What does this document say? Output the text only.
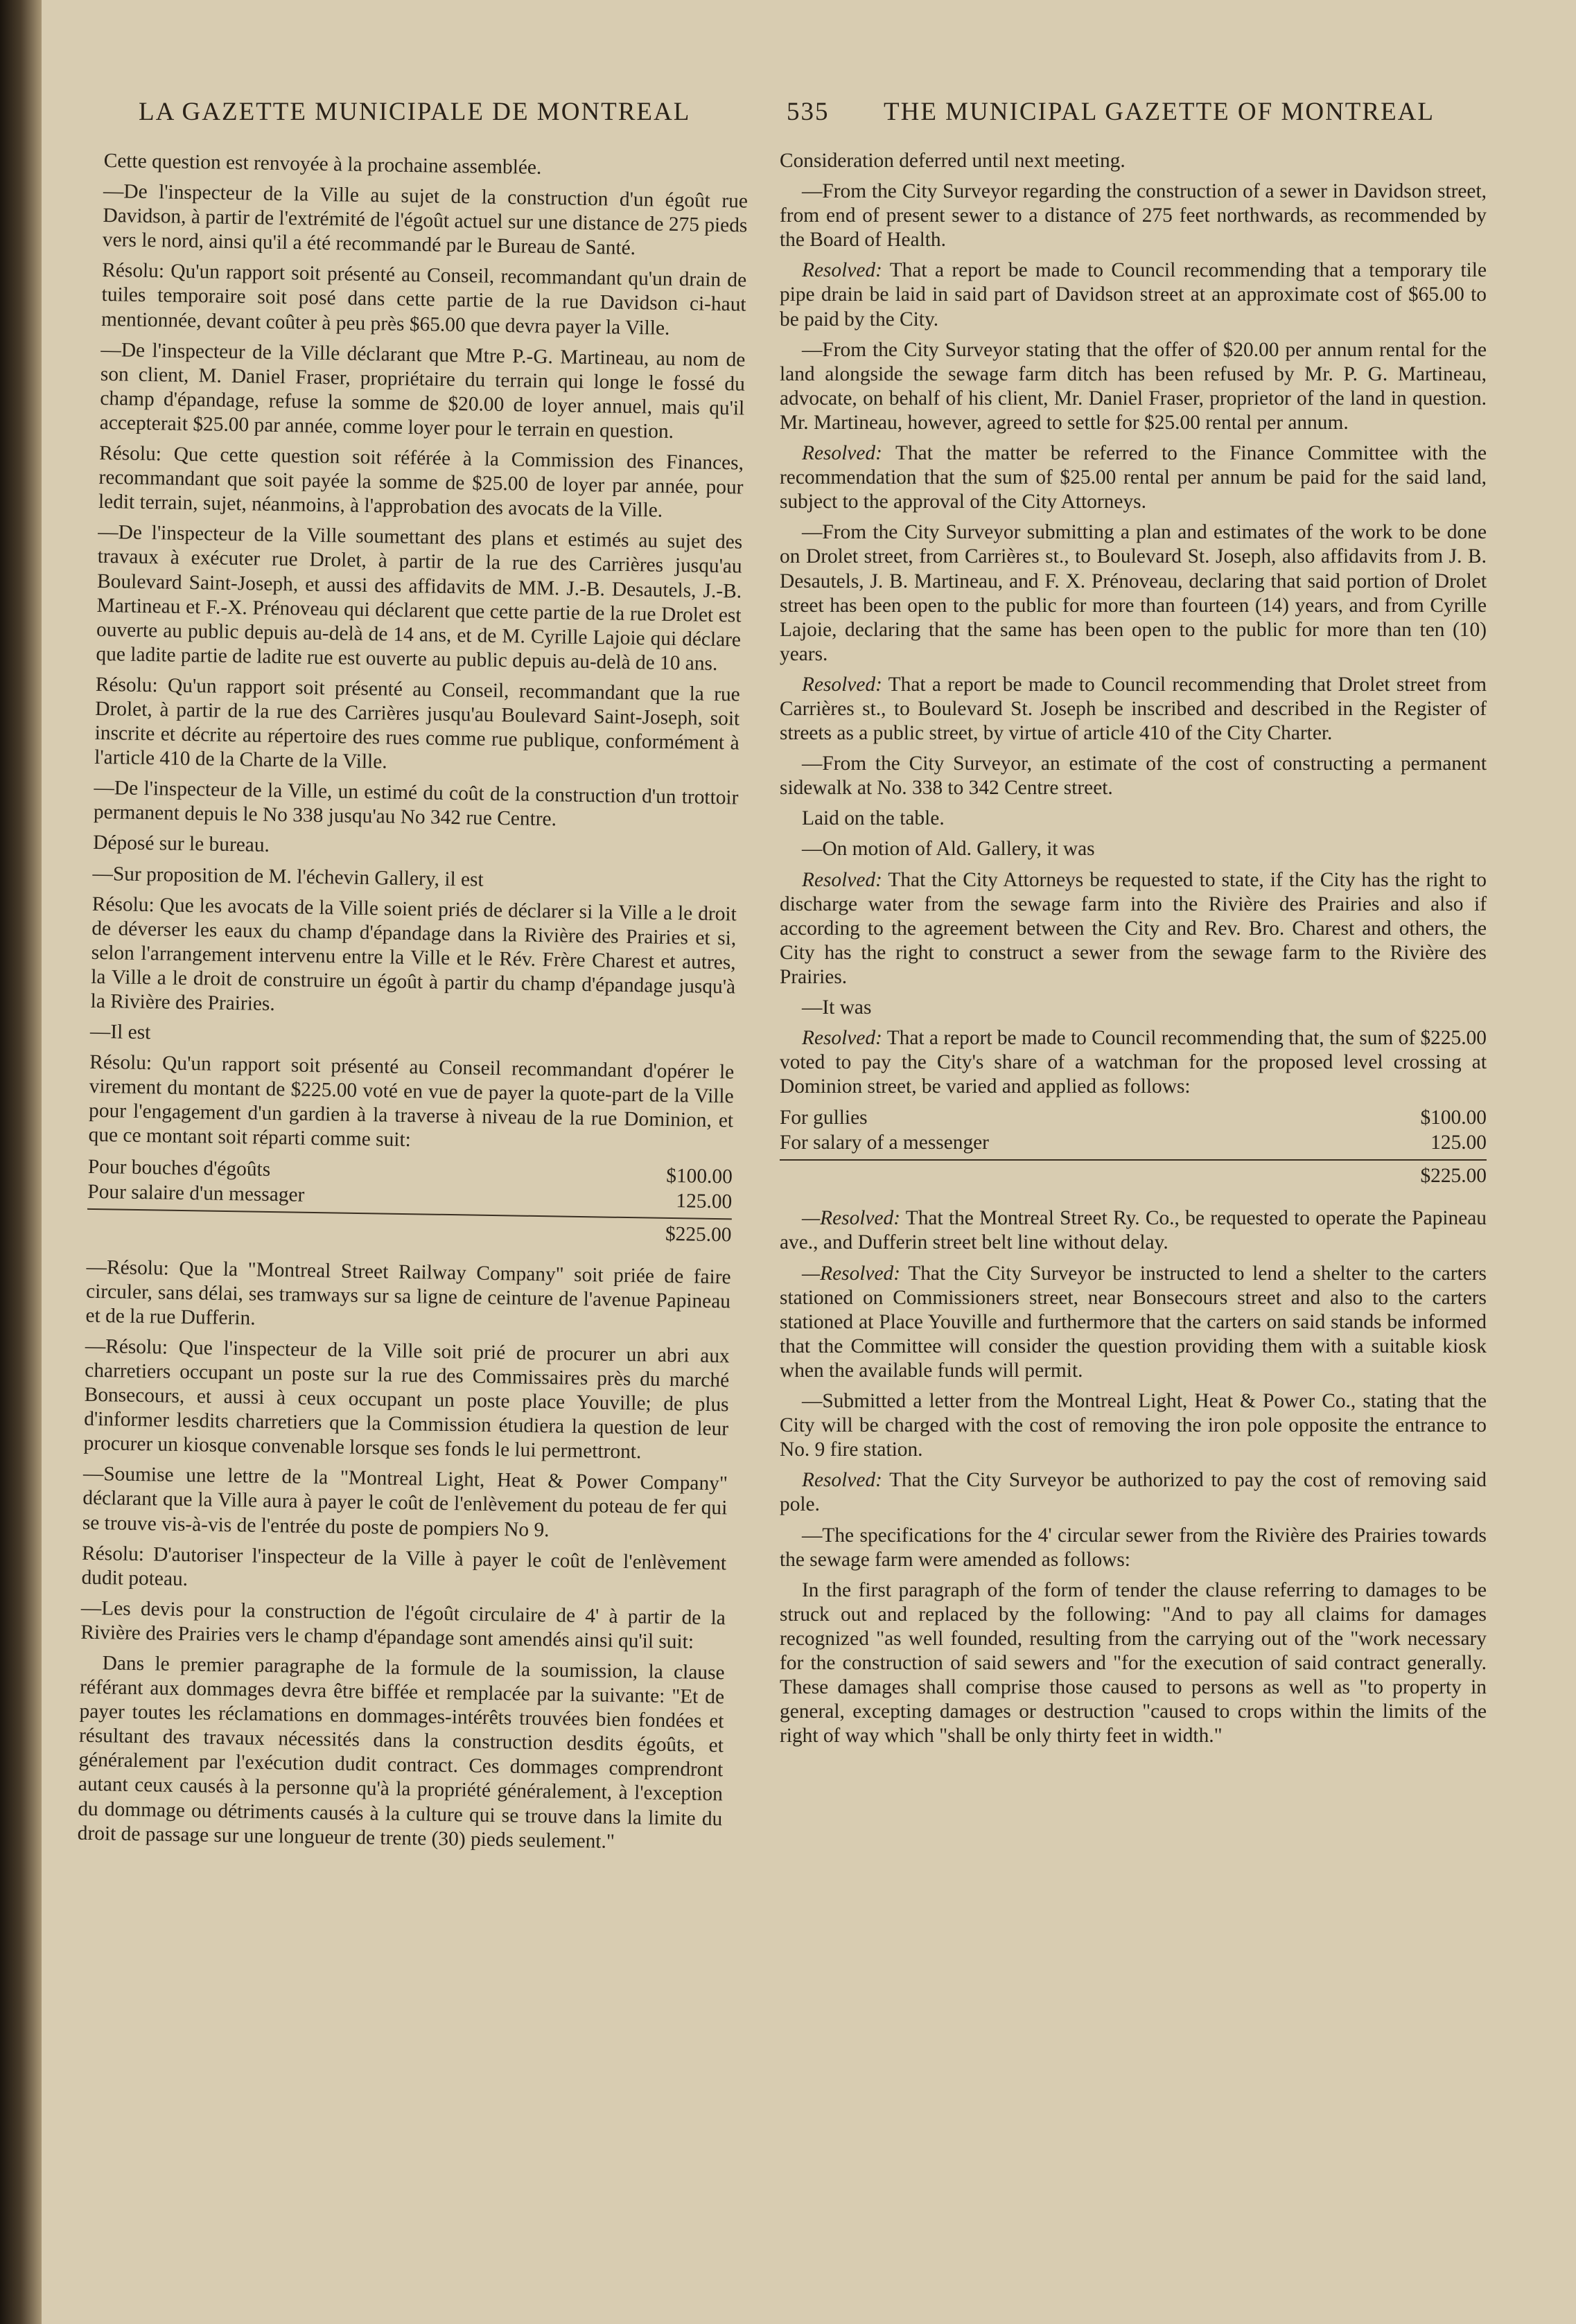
LA GAZETTE MUNICIPALE DE MONTREAL	535 THE MUNICIPAL GAZETTE OF MONTREAL

Cette question est renvoyée à la prochaine assemblée.

—De l'inspecteur de la Ville au sujet de la construction d'un égoût rue Davidson, à partir de l'extrémité de l'égoût actuel sur une distance de 275 pieds vers le nord, ainsi qu'il a été recommandé par le Bureau de Santé.

Résolu: Qu'un rapport soit présenté au Conseil, recommandant qu'un drain de tuiles temporaire soit posé dans cette partie de la rue Davidson ci-haut mentionnée, devant coûter à peu près $65.00 que devra payer la Ville.

—De l'inspecteur de la Ville déclarant que Mtre P.-G. Martineau, au nom de son client, M. Daniel Fraser, propriétaire du terrain qui longe le fossé du champ d'épandage, refuse la somme de $20.00 de loyer annuel, mais qu'il accepterait $25.00 par année, comme loyer pour le terrain en question.

Résolu: Que cette question soit référée à la Commission des Finances, recommandant que soit payée la somme de $25.00 de loyer par année, pour ledit terrain, sujet, néanmoins, à l'approbation des avocats de la Ville.

—De l'inspecteur de la Ville soumettant des plans et estimés au sujet des travaux à exécuter rue Drolet, à partir de la rue des Carrières jusqu'au Boulevard Saint-Joseph, et aussi des affidavits de MM. J.-B. Desautels, J.-B. Martineau et F.-X. Prénoveau qui déclarent que cette partie de la rue Drolet est ouverte au public depuis au-delà de 14 ans, et de M. Cyrille Lajoie qui déclare que ladite partie de ladite rue est ouverte au public depuis au-delà de 10 ans.

Résolu: Qu'un rapport soit présenté au Conseil, recommandant que la rue Drolet, à partir de la rue des Carrières jusqu'au Boulevard Saint-Joseph, soit inscrite et décrite au répertoire des rues comme rue publique, conformément à l'article 410 de la Charte de la Ville.

—De l'inspecteur de la Ville, un estimé du coût de la construction d'un trottoir permanent depuis le No 338 jusqu'au No 342 rue Centre.

Déposé sur le bureau.

—Sur proposition de M. l'échevin Gallery, il est

Résolu: Que les avocats de la Ville soient priés de déclarer si la Ville a le droit de déverser les eaux du champ d'épandage dans la Rivière des Prairies et si, selon l'arrangement intervenu entre la Ville et le Rév. Frère Charest et autres, la Ville a le droit de construire un égoût à partir du champ d'épandage jusqu'à la Rivière des Prairies.

—Il est

Résolu: Qu'un rapport soit présenté au Conseil recommandant d'opérer le virement du montant de $225.00 voté en vue de payer la quote-part de la Ville pour l'engagement d'un gardien à la traverse à niveau de la rue Dominion, et que ce montant soit réparti comme suit:

Pour bouches d'égoûts	$100.00
Pour salaire d'un messager	125.00
$225.00

—Résolu: Que la "Montreal Street Railway Company" soit priée de faire circuler, sans délai, ses tramways sur sa ligne de ceinture de l'avenue Papineau et de la rue Dufferin.

—Résolu: Que l'inspecteur de la Ville soit prié de procurer un abri aux charretiers occupant un poste sur la rue des Commissaires près du marché Bonsecours, et aussi à ceux occupant un poste place Youville; de plus d'informer lesdits charretiers que la Commission étudiera la question de leur procurer un kiosque convenable lorsque ses fonds le lui permettront.

—Soumise une lettre de la "Montreal Light, Heat & Power Company" déclarant que la Ville aura à payer le coût de l'enlèvement du poteau de fer qui se trouve vis-à-vis de l'entrée du poste de pompiers No 9.

Résolu: D'autoriser l'inspecteur de la Ville à payer le coût de l'enlèvement dudit poteau.

—Les devis pour la construction de l'égoût circulaire de 4' à partir de la Rivière des Prairies vers le champ d'épandage sont amendés ainsi qu'il suit:

Dans le premier paragraphe de la formule de la soumission, la clause référant aux dommages devra être biffée et remplacée par la suivante: "Et de payer toutes les réclamations en dommages-intérêts trouvées bien fondées et résultant des travaux nécessités dans la construction desdits égoûts, et généralement par l'exécution dudit contract. Ces dommages comprendront autant ceux causés à la personne qu'à la propriété généralement, à l'exception du dommage ou détriments causés à la culture qui se trouve dans la limite du droit de passage sur une longueur de trente (30) pieds seulement."

Consideration deferred until next meeting.

—From the City Surveyor regarding the construction of a sewer in Davidson street, from end of present sewer to a distance of 275 feet northwards, as recommended by the Board of Health.

Resolved: That a report be made to Council recommending that a temporary tile pipe drain be laid in said part of Davidson street at an approximate cost of $65.00 to be paid by the City.

—From the City Surveyor stating that the offer of $20.00 per annum rental for the land alongside the sewage farm ditch has been refused by Mr. P. G. Martineau, advocate, on behalf of his client, Mr. Daniel Fraser, proprietor of the land in question. Mr. Martineau, however, agreed to settle for $25.00 rental per annum.

Resolved: That the matter be referred to the Finance Committee with the recommendation that the sum of $25.00 rental per annum be paid for the said land, subject to the approval of the City Attorneys.

—From the City Surveyor submitting a plan and estimates of the work to be done on Drolet street, from Carrières st., to Boulevard St. Joseph, also affidavits from J. B. Desautels, J. B. Martineau, and F. X. Prénoveau, declaring that said portion of Drolet street has been open to the public for more than fourteen (14) years, and from Cyrille Lajoie, declaring that the same has been open to the public for more than ten (10) years.

Resolved: That a report be made to Council recommending that Drolet street from Carrières st., to Boulevard St. Joseph be inscribed and described in the Register of streets as a public street, by virtue of article 410 of the City Charter.

—From the City Surveyor, an estimate of the cost of constructing a permanent sidewalk at No. 338 to 342 Centre street.

Laid on the table.

—On motion of Ald. Gallery, it was

Resolved: That the City Attorneys be requested to state, if the City has the right to discharge water from the sewage farm into the Rivière des Prairies and also if according to the agreement between the City and Rev. Bro. Charest and others, the City has the right to construct a sewer from the sewage farm to the Rivière des Prairies.

—It was

Resolved: That a report be made to Council recommending that, the sum of $225.00 voted to pay the City's share of a watchman for the proposed level crossing at Dominion street, be varied and applied as follows:

For gullies	$100.00
For salary of a messenger	125.00
$225.00

—Resolved: That the Montreal Street Ry. Co., be requested to operate the Papineau ave., and Dufferin street belt line without delay.

—Resolved: That the City Surveyor be instructed to lend a shelter to the carters stationed on Commissioners street, near Bonsecours street and also to the carters stationed at Place Youville and furthermore that the carters on said stands be informed that the Committee will consider the question providing them with a suitable kiosk when the available funds will permit.

—Submitted a letter from the Montreal Light, Heat & Power Co., stating that the City will be charged with the cost of removing the iron pole opposite the entrance to No. 9 fire station.

Resolved: That the City Surveyor be authorized to pay the cost of removing said pole.

—The specifications for the 4' circular sewer from the Rivière des Prairies towards the sewage farm were amended as follows:

In the first paragraph of the form of tender the clause referring to damages to be struck out and replaced by the following: "And to pay all claims for damages recognized "as well founded, resulting from the carrying out of the "work necessary for the construction of said sewers and "for the execution of said contract generally. These damages shall comprise those caused to persons as well as "to property in general, excepting damages or destruction "caused to crops within the limits of the right of way which "shall be only thirty feet in width."
